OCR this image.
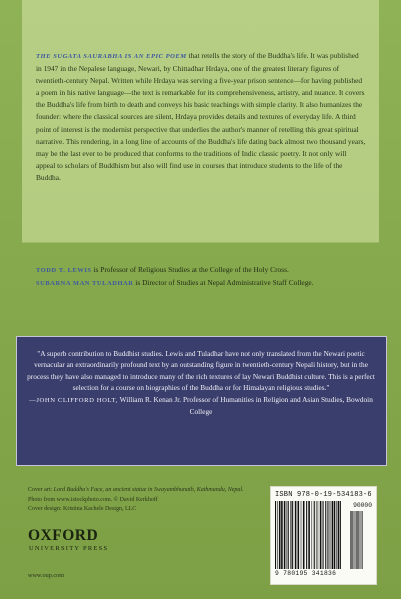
THE SUGATA SAURABHA IS AN EPIC POEM that retells the story of the Buddha's life. It was published in 1947 in the Nepalese language, Newari, by Chittadhar Hrdaya, one of the greatest literary figures of twentieth-century Nepal. Written while Hrdaya was serving a five-year prison sentence—for having published a poem in his native language—the text is remarkable for its comprehensiveness, artistry, and nuance. It covers the Buddha's life from birth to death and conveys his basic teachings with simple clarity. It also humanizes the founder: where the classical sources are silent, Hrdaya provides details and textures of everyday life. A third point of interest is the modernist perspective that underlies the author's manner of retelling this great spiritual narrative. This rendering, in a long line of accounts of the Buddha's life dating back almost two thousand years, may be the last ever to be produced that conforms to the traditions of Indic classic poetry. It not only will appeal to scholars of Buddhism but also will find use in courses that introduce students to the life of the Buddha.

TODD T. LEWIS is Professor of Religious Studies at the College of the Holy Cross.

SUBARNA MAN TULADHAR is Director of Studies at Nepal Administrative Staff College.

"A superb contribution to Buddhist studies. Lewis and Tuladhar have not only translated from the Newari poetic vernacular an extraordinarily profound text by an outstanding figure in twentieth-century Nepali history, but in the process they have also managed to introduce many of the rich textures of lay Newari Buddhist culture. This is a perfect selection for a course on biographies of the Buddha or for Himalayan religious studies."
—JOHN CLIFFORD HOLT, William R. Kenan Jr. Professor of Humanities in Religion and Asian Studies, Bowdoin College
Cover art: Lord Buddha's Face, an ancient statue in Swayambhunath, Kathmandu, Nepal. Photo from www.istockphoto.com. © David Kerkhoff
Cover design: Kristina Kachele Design, LLC
OXFORD
UNIVERSITY PRESS
www.oup.com
ISBN 978-0-19-534183-6
90000
9 780195 341836
